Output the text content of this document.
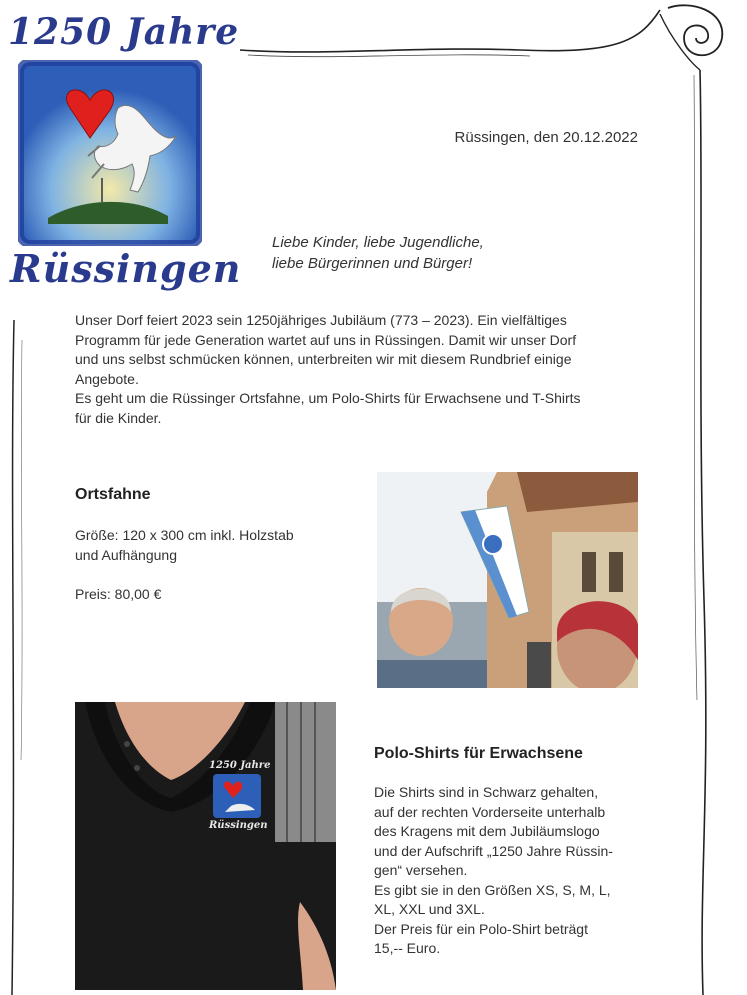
1250 Jahre
Rüssingen
Rüssingen, den 20.12.2022
Liebe Kinder, liebe Jugendliche,
liebe Bürgerinnen und Bürger!
Unser Dorf feiert 2023 sein 1250jähriges Jubiläum (773 – 2023). Ein vielfältiges
Programm für jede Generation wartet auf uns in Rüssingen. Damit wir unser Dorf
und uns selbst schmücken können, unterbreiten wir mit diesem Rundbrief einige
Angebote.
Es geht um die Rüssinger Ortsfahne, um Polo-Shirts für Erwachsene und T-Shirts
für die Kinder.
Ortsfahne
Größe: 120 x 300 cm inkl. Holzstab
und Aufhängung
Preis: 80,00 €
1250 Jahre
Rüssingen
Polo-Shirts für Erwachsene
Die Shirts sind in Schwarz gehalten,
auf der rechten Vorderseite unterhalb
des Kragens mit dem Jubiläumslogo
und der Aufschrift „1250 Jahre Rüssin-
gen“ versehen.
Es gibt sie in den Größen XS, S, M, L,
XL, XXL und 3XL.
Der Preis für ein Polo-Shirt beträgt
15,-- Euro.
